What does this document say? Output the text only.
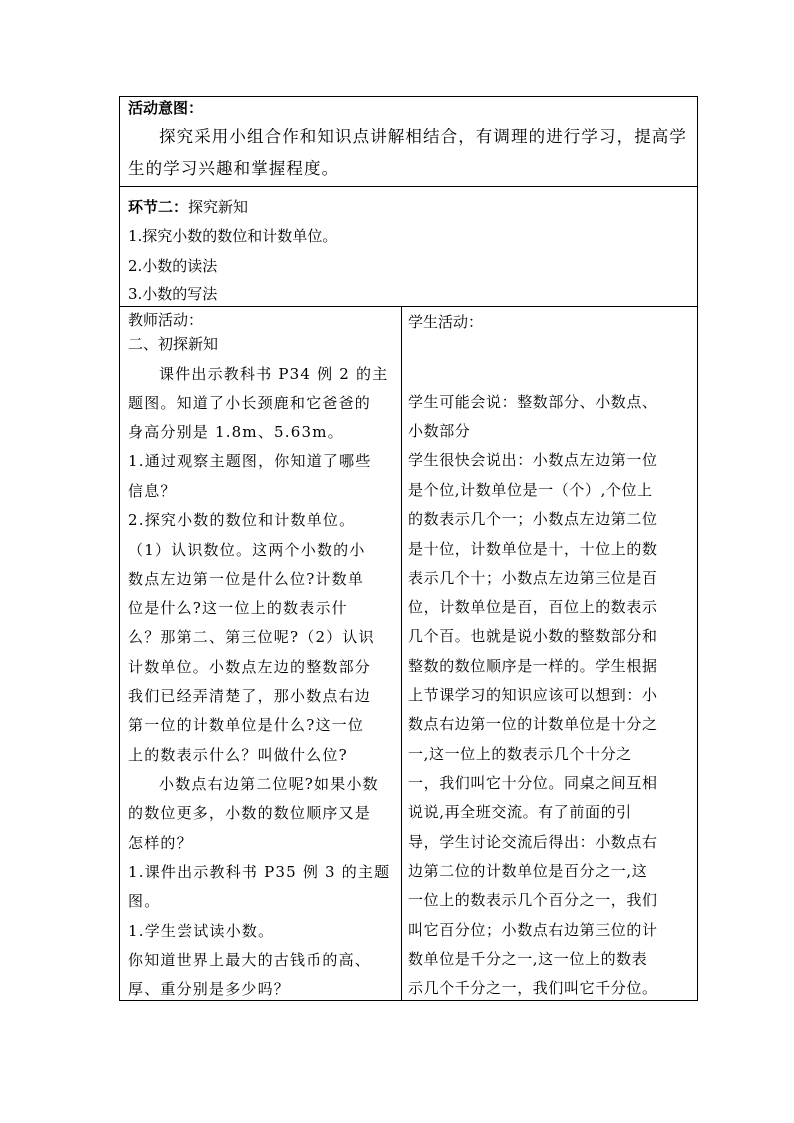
活动意图：
探究采用小组合作和知识点讲解相结合，有调理的进行学习，提高学
生的学习兴趣和掌握程度。
环节二：探究新知
1.探究小数的数位和计数单位。
2.小数的读法
3.小数的写法
教师活动：
二、初探新知
课件出示教科书 P34 例 2 的主
题图。知道了小长颈鹿和它爸爸的
身高分别是 1.8m、5.63m。
1.通过观察主题图，你知道了哪些
信息？
2.探究小数的数位和计数单位。
（1）认识数位。这两个小数的小
数点左边第一位是什么位?计数单
位是什么?这一位上的数表示什
么？那第二、第三位呢?（2）认识
计数单位。小数点左边的整数部分
我们已经弄清楚了，那小数点右边
第一位的计数单位是什么?这一位
上的数表示什么？叫做什么位?
小数点右边第二位呢?如果小数
的数位更多，小数的数位顺序又是
怎样的？
1.课件出示教科书 P35 例 3 的主题
图。
1.学生尝试读小数。
你知道世界上最大的古钱币的高、
厚、重分别是多少吗？
学生活动：
学生可能会说：整数部分、小数点、
小数部分
学生很快会说出：小数点左边第一位
是个位,计数单位是一（个）,个位上
的数表示几个一；小数点左边第二位
是十位，计数单位是十，十位上的数
表示几个十；小数点左边第三位是百
位，计数单位是百，百位上的数表示
几个百。也就是说小数的整数部分和
整数的数位顺序是一样的。学生根据
上节课学习的知识应该可以想到：小
数点右边第一位的计数单位是十分之
一,这一位上的数表示几个十分之
一，我们叫它十分位。同桌之间互相
说说,再全班交流。有了前面的引
导，学生讨论交流后得出：小数点右
边第二位的计数单位是百分之一,这
一位上的数表示几个百分之一，我们
叫它百分位；小数点右边第三位的计
数单位是千分之一,这一位上的数表
示几个千分之一，我们叫它千分位。
